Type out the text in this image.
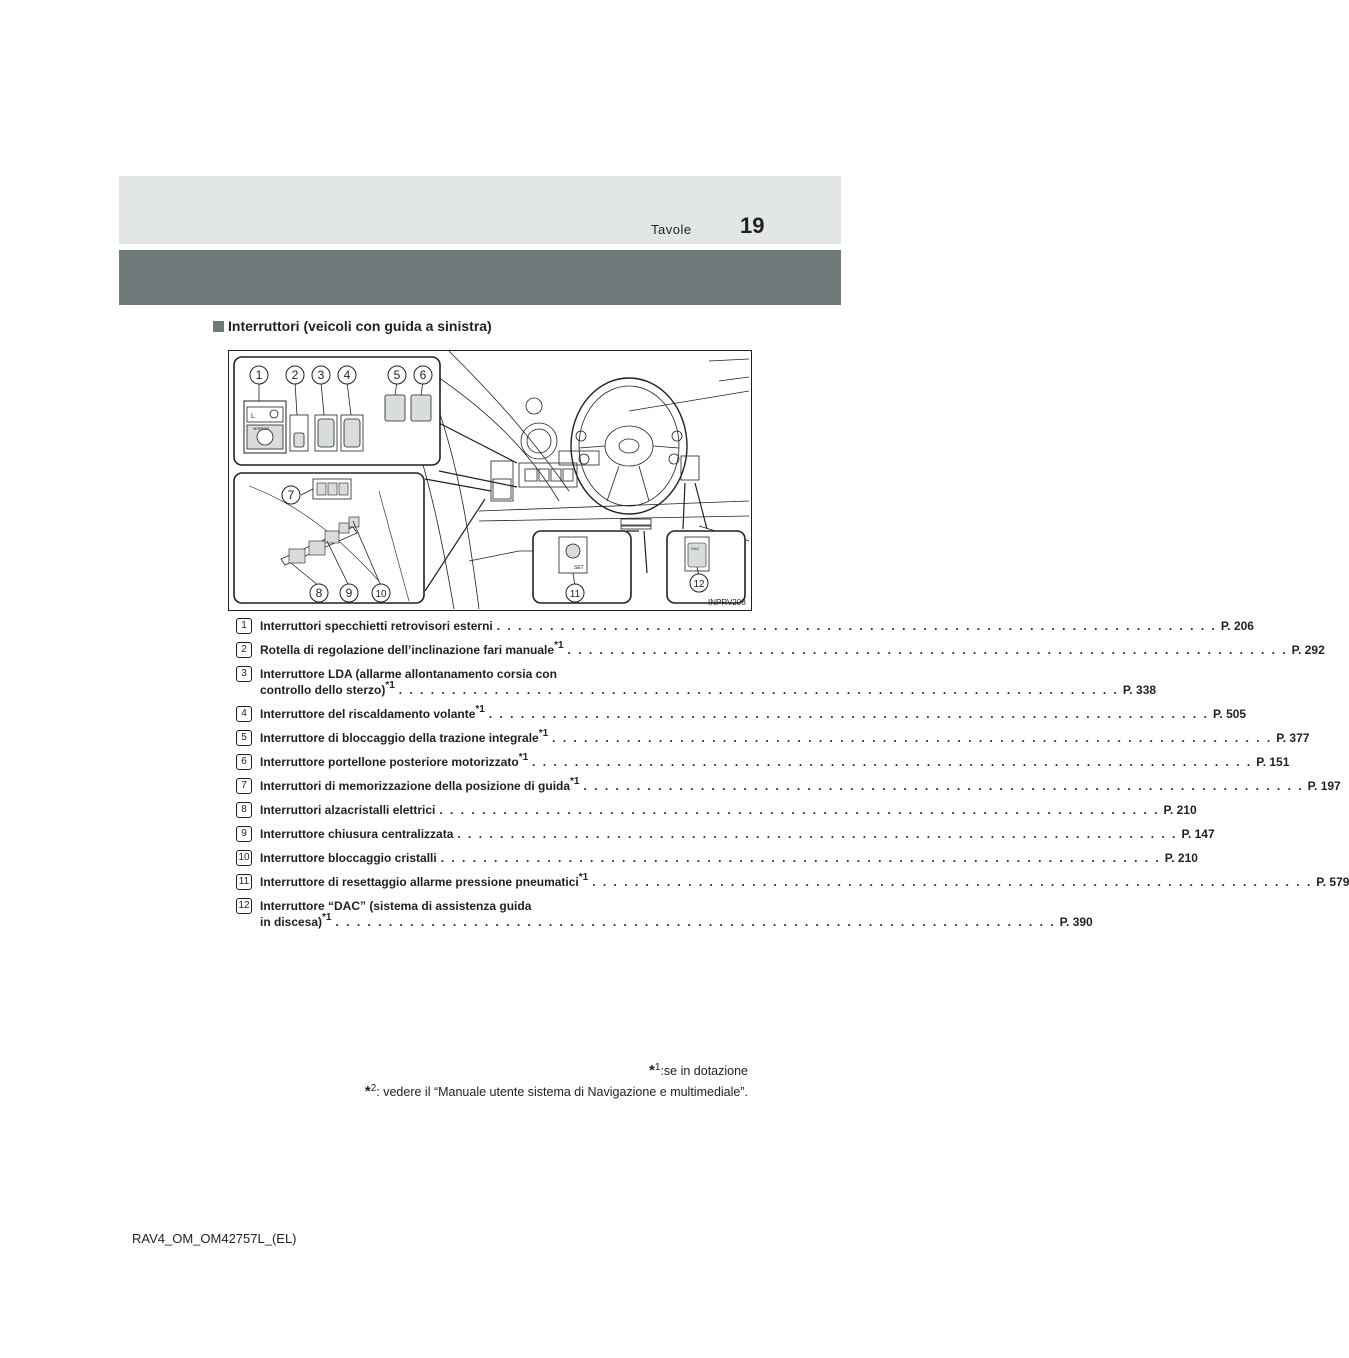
Tavole 19
Interruttori (veicoli con guida a sinistra)
L
MIRROR
SET
DAC
1 2 3 4	5 6
7
8 9 10	11
12
INPRV208
1	Interruttori specchietti retrovisori esterni . . . . . . . . . . . . . . . . . . . . . . . . . . . . . . . . . . . . . . . . . . . . . . . . . . . . . . . . . . . . . . . . . . . . P. 206
2	Rotella di regolazione dell’inclinazione fari manuale$^{*1}$ . . . . . . . . . . . . . . . . . . . . . . . . . . . . . . . . . . . . . . . . . . . . . . . . . . . . . . . . . . . . . . . . . . . . P. 292
3	Interruttore LDA (allarme allontanamento corsia con
controllo dello sterzo)$^{*1}$ . . . . . . . . . . . . . . . . . . . . . . . . . . . . . . . . . . . . . . . . . . . . . . . . . . . . . . . . . . . . . . . . . . . . P. 338
4	Interruttore del riscaldamento volante$^{*1}$ . . . . . . . . . . . . . . . . . . . . . . . . . . . . . . . . . . . . . . . . . . . . . . . . . . . . . . . . . . . . . . . . . . . . P. 505
5	Interruttore di bloccaggio della trazione integrale$^{*1}$ . . . . . . . . . . . . . . . . . . . . . . . . . . . . . . . . . . . . . . . . . . . . . . . . . . . . . . . . . . . . . . . . . . . . P. 377
6	Interruttore portellone posteriore motorizzato$^{*1}$ . . . . . . . . . . . . . . . . . . . . . . . . . . . . . . . . . . . . . . . . . . . . . . . . . . . . . . . . . . . . . . . . . . . . P. 151
7	Interruttori di memorizzazione della posizione di guida$^{*1}$ . . . . . . . . . . . . . . . . . . . . . . . . . . . . . . . . . . . . . . . . . . . . . . . . . . . . . . . . . . . . . . . . . . . . P. 197
8	Interruttori alzacristalli elettrici . . . . . . . . . . . . . . . . . . . . . . . . . . . . . . . . . . . . . . . . . . . . . . . . . . . . . . . . . . . . . . . . . . . . P. 210
9	Interruttore chiusura centralizzata . . . . . . . . . . . . . . . . . . . . . . . . . . . . . . . . . . . . . . . . . . . . . . . . . . . . . . . . . . . . . . . . . . . . P. 147
10 Interruttore bloccaggio cristalli . . . . . . . . . . . . . . . . . . . . . . . . . . . . . . . . . . . . . . . . . . . . . . . . . . . . . . . . . . . . . . . . . . . . P. 210
11 Interruttore di resettaggio allarme pressione pneumatici$^{*1}$ . . . . . . . . . . . . . . . . . . . . . . . . . . . . . . . . . . . . . . . . . . . . . . . . . . . . . . . . . . . . . . . . . . . . P. 579
12 Interruttore “DAC” (sistema di assistenza guida
in discesa)$^{*1}$ . . . . . . . . . . . . . . . . . . . . . . . . . . . . . . . . . . . . . . . . . . . . . . . . . . . . . . . . . . . . . . . . . . . . P. 390
*$^1$:se in dotazione
*$^2$: vedere il “Manuale utente sistema di Navigazione e multimediale”.
RAV4_OM_OM42757L_(EL)
